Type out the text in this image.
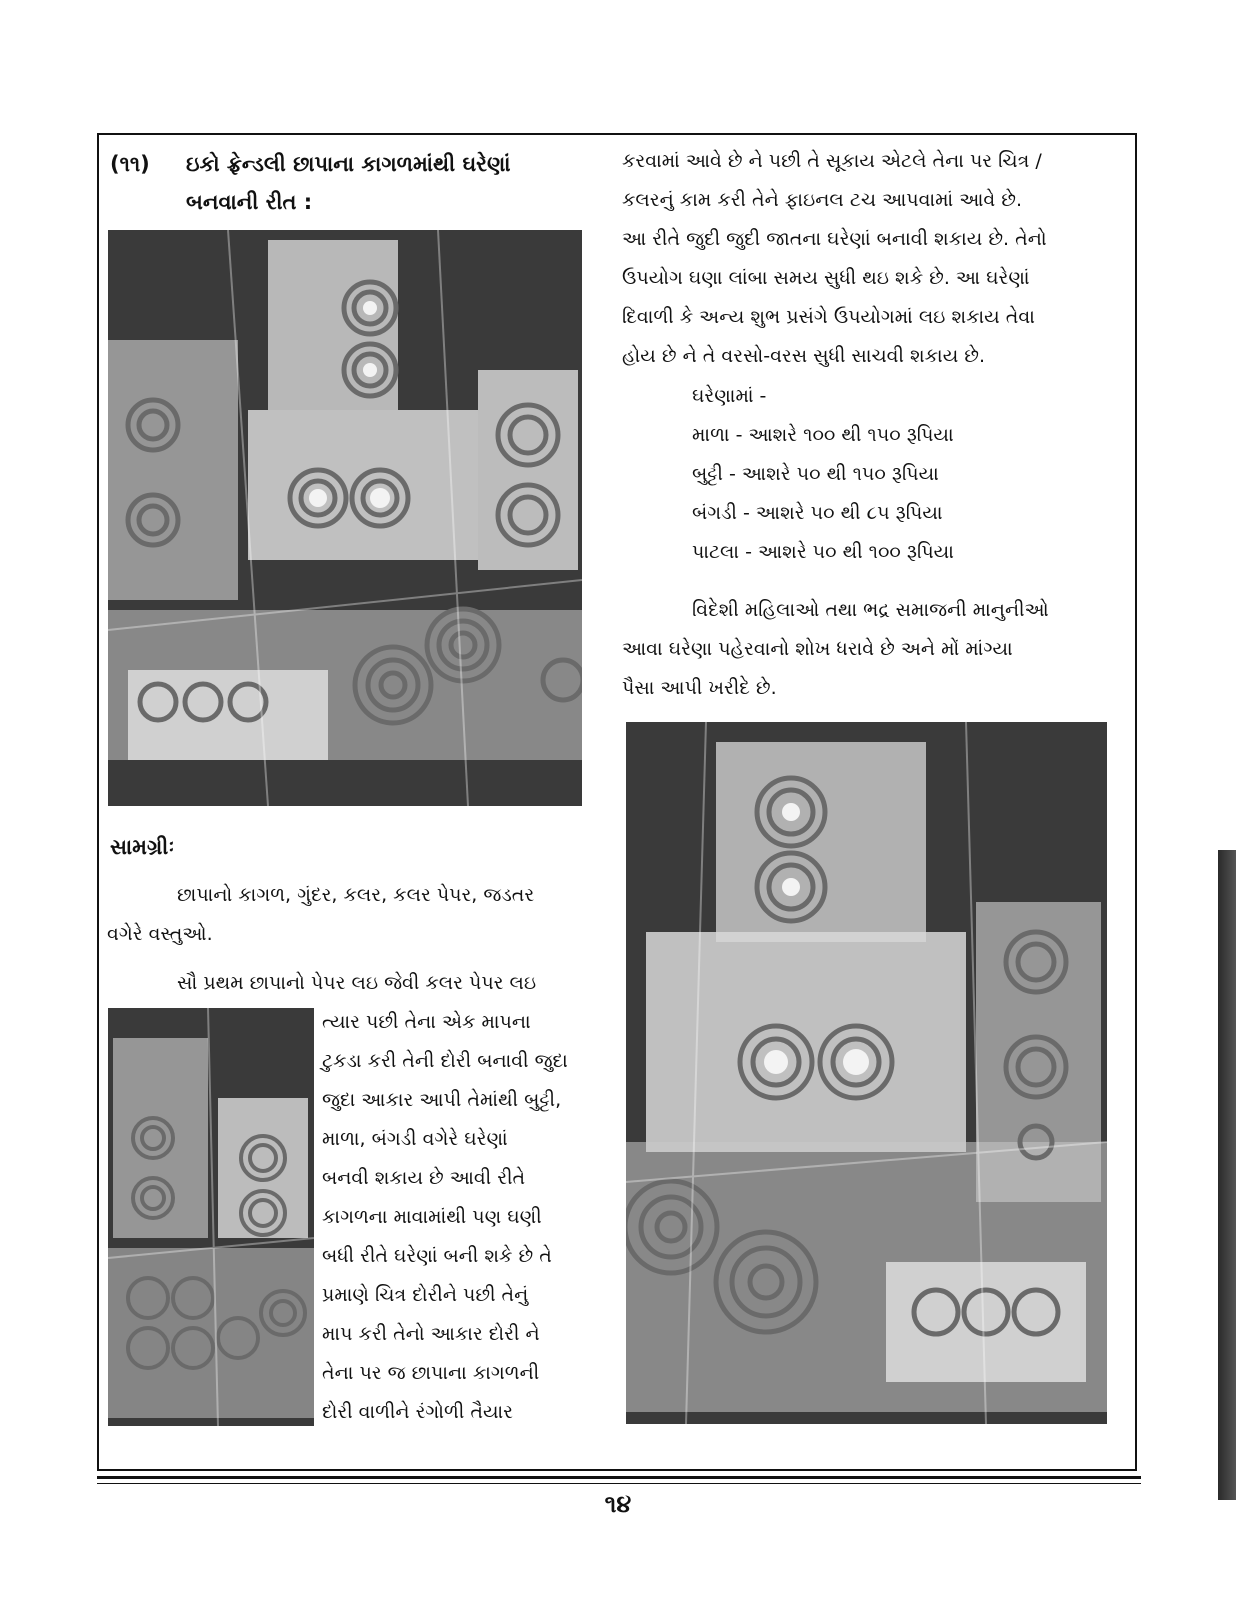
(૧૧) ઇકો ફ્રેન્ડલી છાપાના કાગળમાંથી ઘરેણાં
બનવાની રીત :
સામગ્રીઃ
છાપાનો કાગળ, ગુંદર, કલર, કલર પેપર, જડતર
વગેરે વસ્તુઓ.
સૌ પ્રથમ છાપાનો પેપર લઇ જેવી કલર પેપર લઇ
ત્યાર પછી તેના એક માપના
ટુકડા કરી તેની દોરી બનાવી જુદા
જુદા આકાર આપી તેમાંથી બુટ્ટી,
માળા, બંગડી વગેરે ઘરેણાં
બનવી શકાય છે આવી રીતે
કાગળના માવામાંથી પણ ઘણી
બધી રીતે ઘરેણાં બની શકે છે તે
પ્રમાણે ચિત્ર દોરીને પછી તેનું
માપ કરી તેનો આકાર દોરી ને
તેના પર જ છાપાના કાગળની
દોરી વાળીને રંગોળી તૈયાર
કરવામાં આવે છે ને પછી તે સૂકાય એટલે તેના પર ચિત્ર /
કલરનું કામ કરી તેને ફાઇનલ ટચ આપવામાં આવે છે.
આ રીતે જુદી જુદી જાતના ઘરેણાં બનાવી શકાય છે. તેનો
ઉપયોગ ઘણા લાંબા સમય સુધી થઇ શકે છે. આ ઘરેણાં
દિવાળી કે અન્ય શુભ પ્રસંગે ઉપયોગમાં લઇ શકાય તેવા
હોય છે ને તે વરસો-વરસ સુધી સાચવી શકાય છે.
ઘરેણામાં -
માળા - આશરે ૧૦૦ થી ૧૫૦ રૂપિયા
બુટ્ટી - આશરે ૫૦ થી ૧૫૦ રૂપિયા
બંગડી - આશરે ૫૦ થી ૮૫ રૂપિયા
પાટલા - આશરે ૫૦ થી ૧૦૦ રૂપિયા
વિદેશી મહિલાઓ તથા ભદ્ર સમાજની માનુનીઓ
આવા ઘરેણા પહેરવાનો શોખ ધરાવે છે અને મોં માંગ્યા
પૈસા આપી ખરીદે છે.
૧૪
